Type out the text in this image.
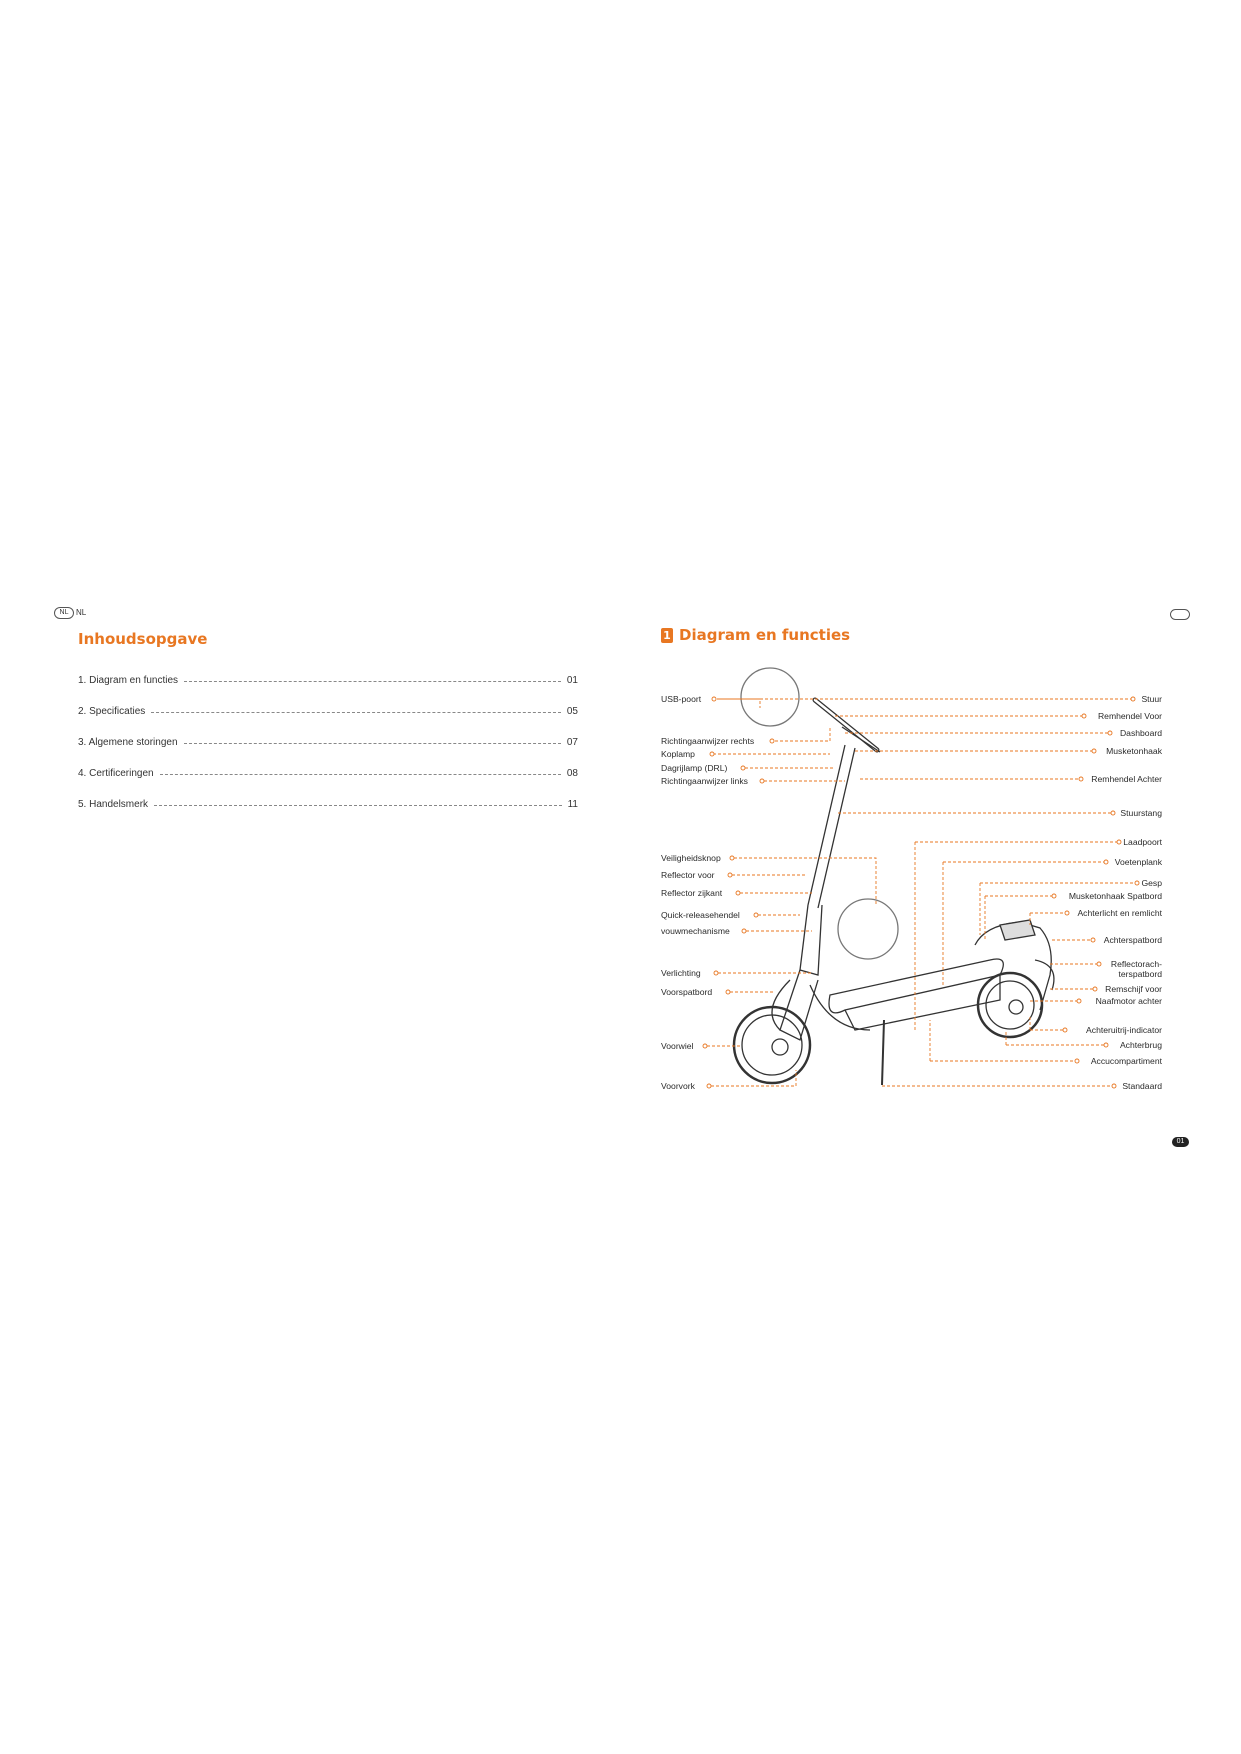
NL NL
Inhoudsopgave
1. Diagram en functies	01
2. Specificaties	05
3. Algemene storingen	07
4. Certificeringen	08
5. Handelsmerk	11
1 Diagram en functies
USB-poort
Richtingaanwijzer rechts
Koplamp
Dagrijlamp (DRL)
Richtingaanwijzer links
Veiligheidsknop
Reflector voor
Reflector zijkant
Quick-releasehendel
vouwmechanisme
Verlichting
Voorspatbord
Voorwiel
Voorvork
Stuur
Remhendel Voor
Dashboard
Musketonhaak
Remhendel Achter
Stuurstang
Laadpoort
Voetenplank
Gesp
Musketonhaak Spatbord
Achterlicht en remlicht
Achterspatbord
Reflectorach-
terspatbord
Remschijf voor
Naafmotor achter
Achteruitrij-indicator
Achterbrug
Accucompartiment
Standaard
01
